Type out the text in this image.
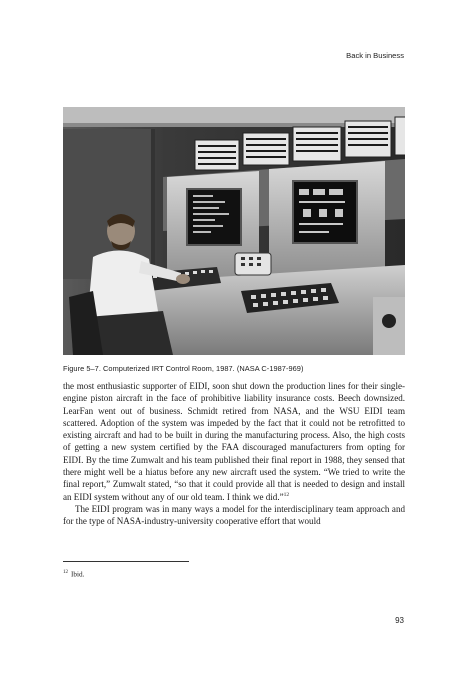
Back in Business
Figure 5–7. Computerized IRT Control Room, 1987. (NASA C-1987-969)

the most enthusiastic supporter of EIDI, soon shut down the production lines for their single-engine piston aircraft in the face of prohibitive liability insurance costs. Beech downsized. LearFan went out of business. Schmidt retired from NASA, and the WSU EIDI team scattered. Adoption of the system was impeded by the fact that it could not be retrofitted to existing aircraft and had to be built in during the manufacturing process. Also, the high costs of getting a new system certified by the FAA discouraged manufacturers from opting for EIDI. By the time Zumwalt and his team published their final report in 1988, they sensed that there might well be a hiatus before any new aircraft used the system. “We tried to write the final report,” Zumwalt stated, “so that it could provide all that is needed to design and install an EIDI system without any of our old team. I think we did.”$^{12}$

The EIDI program was in many ways a model for the interdisciplinary team approach and for the type of NASA-industry-university cooperative effort that would

$^{12}$ Ibid.
93
